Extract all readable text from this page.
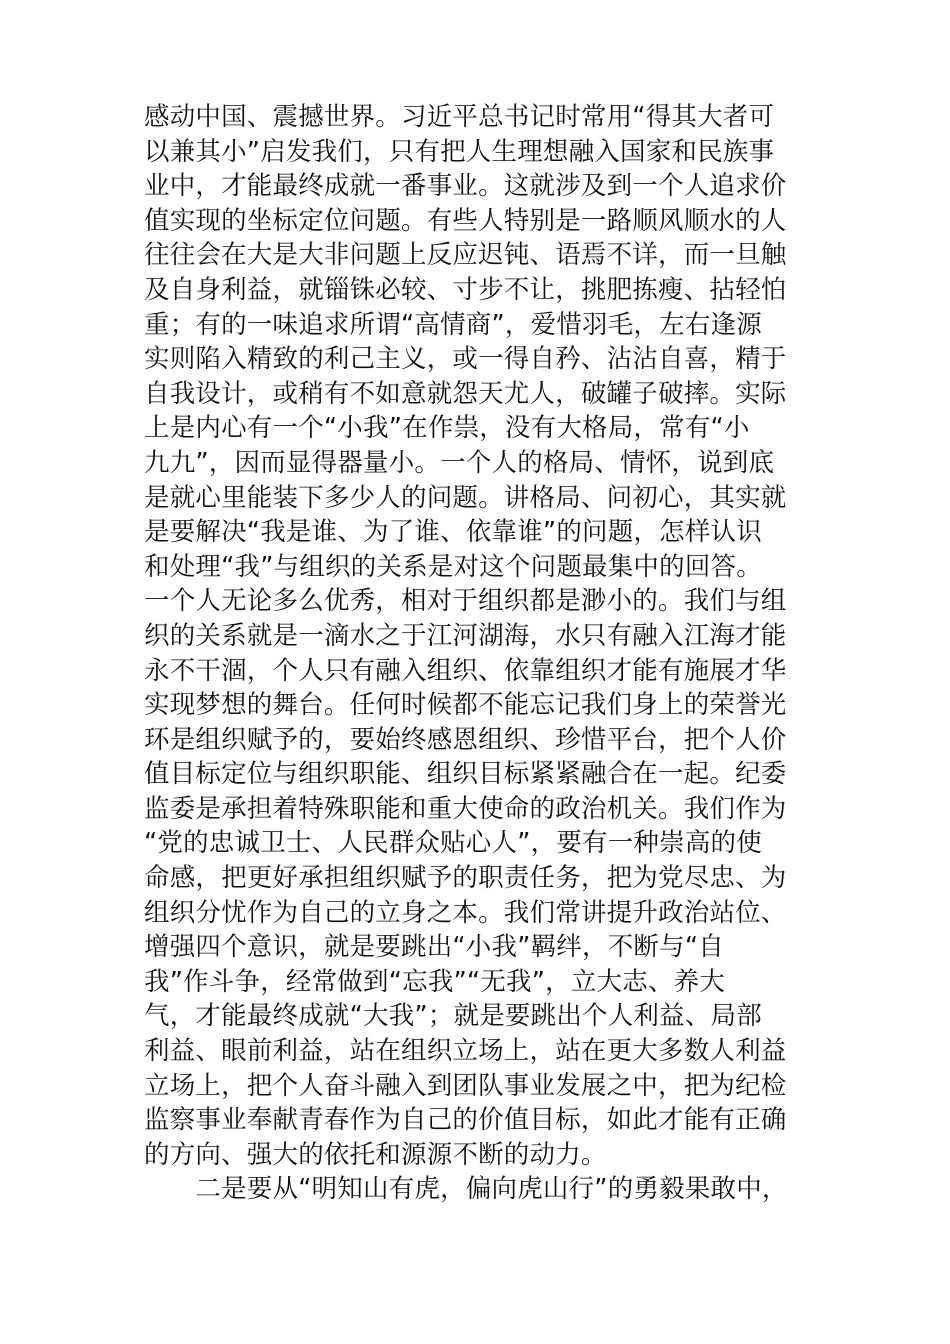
感动中国、震撼世界。习近平总书记时常用“得其大者可
以兼其小”启发我们，只有把人生理想融入国家和民族事
业中，才能最终成就一番事业。这就涉及到一个人追求价
值实现的坐标定位问题。有些人特别是一路顺风顺水的人
往往会在大是大非问题上反应迟钝、语焉不详，而一旦触
及自身利益，就锱铢必较、寸步不让，挑肥拣瘦、拈轻怕
重；有的一味追求所谓“高情商”，爱惜羽毛，左右逢源
实则陷入精致的利己主义，或一得自矜、沾沾自喜，精于
自我设计，或稍有不如意就怨天尤人，破罐子破摔。实际
上是内心有一个“小我”在作祟，没有大格局，常有“小
九九”，因而显得器量小。一个人的格局、情怀，说到底
是就心里能装下多少人的问题。讲格局、问初心，其实就
是要解决“我是谁、为了谁、依靠谁”的问题，怎样认识
和处理“我”与组织的关系是对这个问题最集中的回答。
一个人无论多么优秀，相对于组织都是渺小的。我们与组
织的关系就是一滴水之于江河湖海，水只有融入江海才能
永不干涸，个人只有融入组织、依靠组织才能有施展才华
实现梦想的舞台。任何时候都不能忘记我们身上的荣誉光
环是组织赋予的，要始终感恩组织、珍惜平台，把个人价
值目标定位与组织职能、组织目标紧紧融合在一起。纪委
监委是承担着特殊职能和重大使命的政治机关。我们作为
“党的忠诚卫士、人民群众贴心人”，要有一种崇高的使
命感，把更好承担组织赋予的职责任务，把为党尽忠、为
组织分忧作为自己的立身之本。我们常讲提升政治站位、
增强四个意识，就是要跳出“小我”羁绊，不断与“自
我”作斗争，经常做到“忘我”“无我”，立大志、养大
气，才能最终成就“大我”；就是要跳出个人利益、局部
利益、眼前利益，站在组织立场上，站在更大多数人利益
立场上，把个人奋斗融入到团队事业发展之中，把为纪检
监察事业奉献青春作为自己的价值目标，如此才能有正确
的方向、强大的依托和源源不断的动力。
　　二是要从“明知山有虎，偏向虎山行”的勇毅果敢中，
